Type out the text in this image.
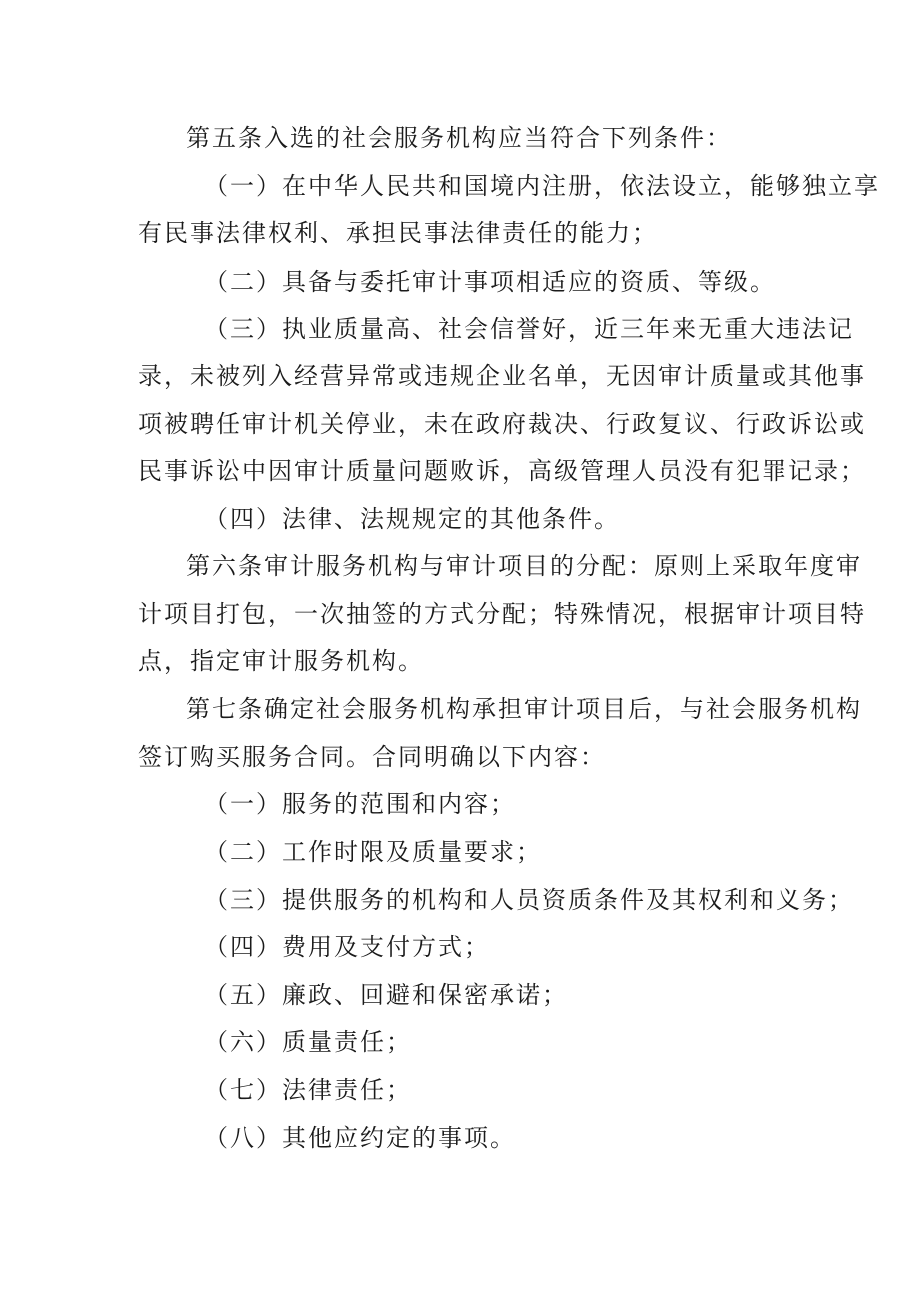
第五条入选的社会服务机构应当符合下列条件：
（一）在中华人民共和国境内注册，依法设立，能够独立享
有民事法律权利、承担民事法律责任的能力；
（二）具备与委托审计事项相适应的资质、等级。
（三）执业质量高、社会信誉好，近三年来无重大违法记
录，未被列入经营异常或违规企业名单，无因审计质量或其他事
项被聘任审计机关停业，未在政府裁决、行政复议、行政诉讼或
民事诉讼中因审计质量问题败诉，高级管理人员没有犯罪记录；
（四）法律、法规规定的其他条件。
第六条审计服务机构与审计项目的分配：原则上采取年度审
计项目打包，一次抽签的方式分配；特殊情况，根据审计项目特
点，指定审计服务机构。
第七条确定社会服务机构承担审计项目后，与社会服务机构
签订购买服务合同。合同明确以下内容：
（一）服务的范围和内容；
（二）工作时限及质量要求；
（三）提供服务的机构和人员资质条件及其权利和义务；
（四）费用及支付方式；
（五）廉政、回避和保密承诺；
（六）质量责任；
（七）法律责任；
（八）其他应约定的事项。
